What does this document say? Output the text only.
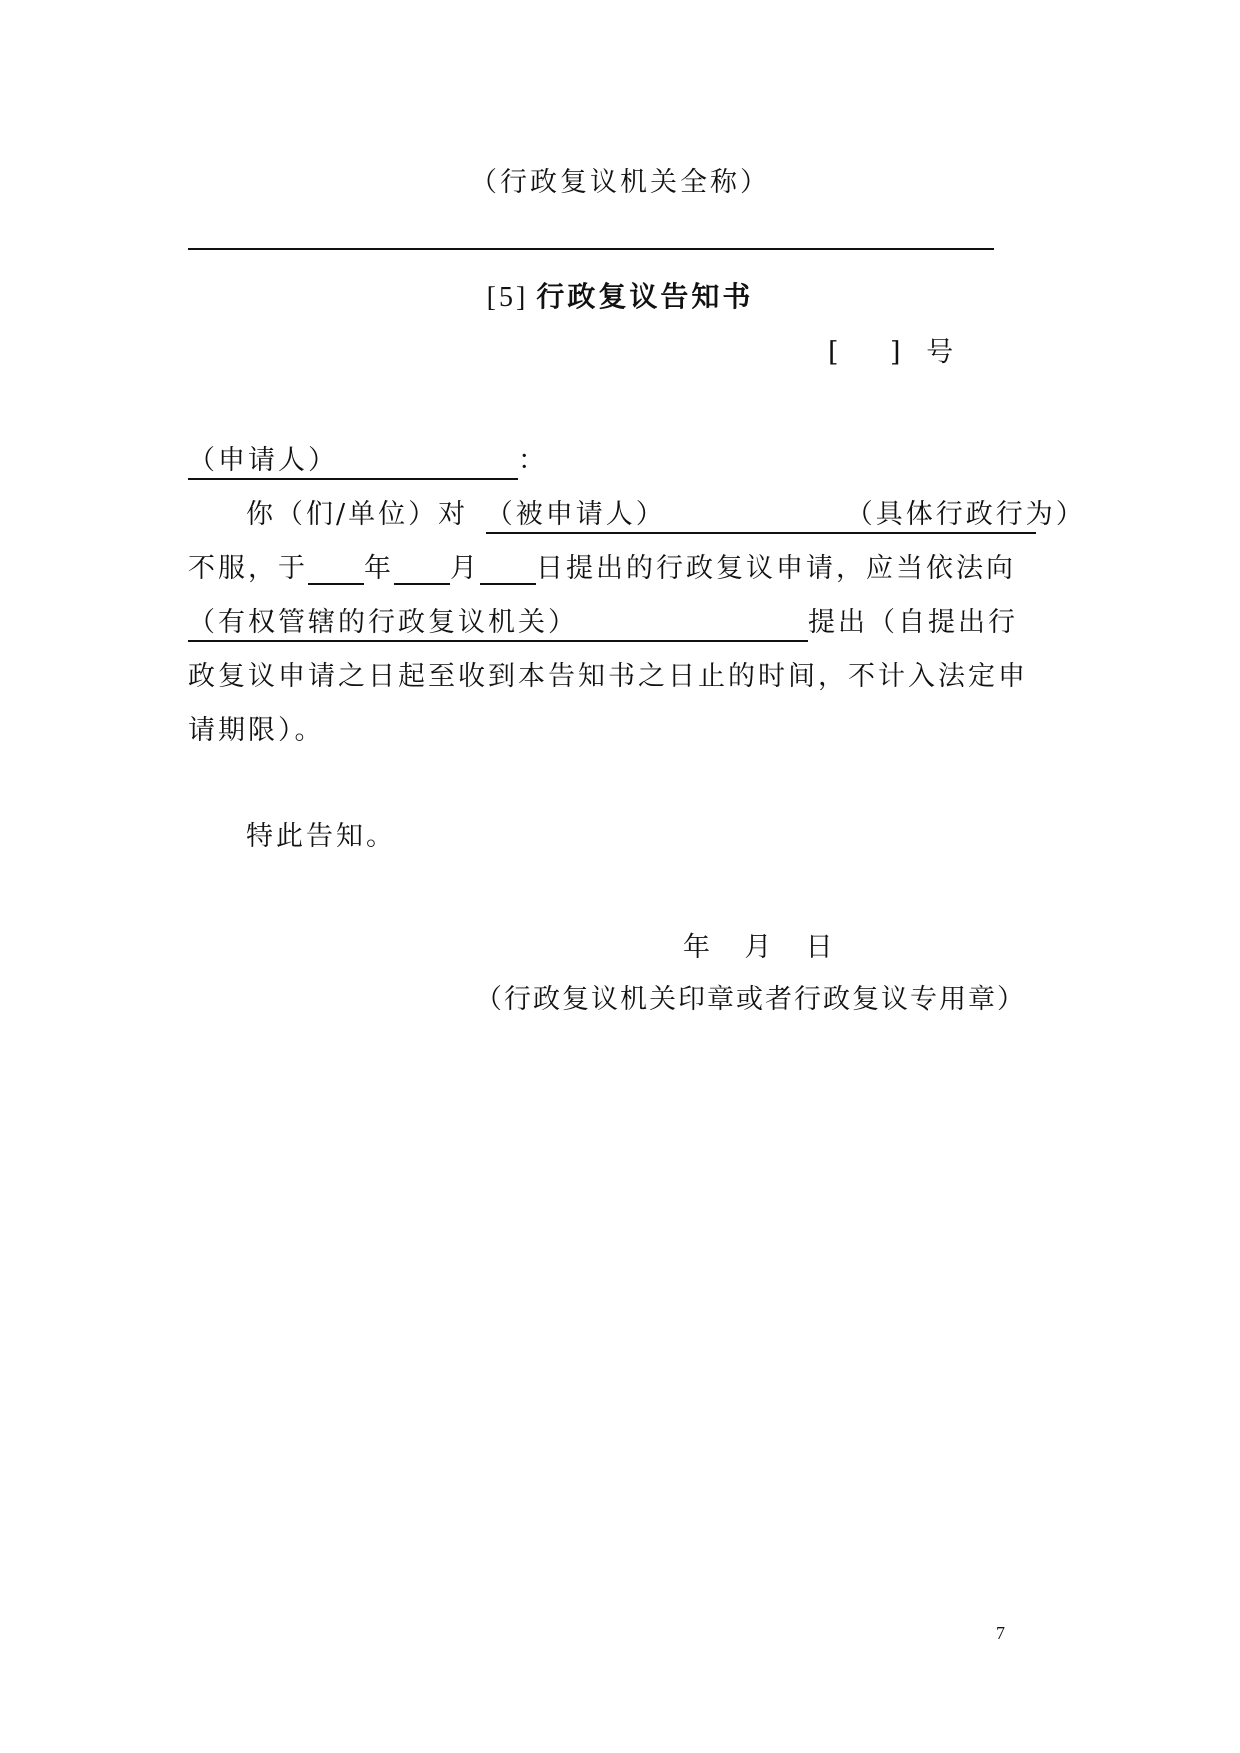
（行政复议机关全称）
[5] 行政复议告知书
[      ]   号
（申请人）	：
你（们/单位）对 （被申请人）	（具体行政行为）
不服，于 年 月 日提出的行政复议申请，应当依法向
（有权管辖的行政复议机关）	提出（自提出行
政复议申请之日起至收到本告知书之日止的时间，不计入法定申
请期限）。
特此告知。
年    月    日
（行政复议机关印章或者行政复议专用章）
7
